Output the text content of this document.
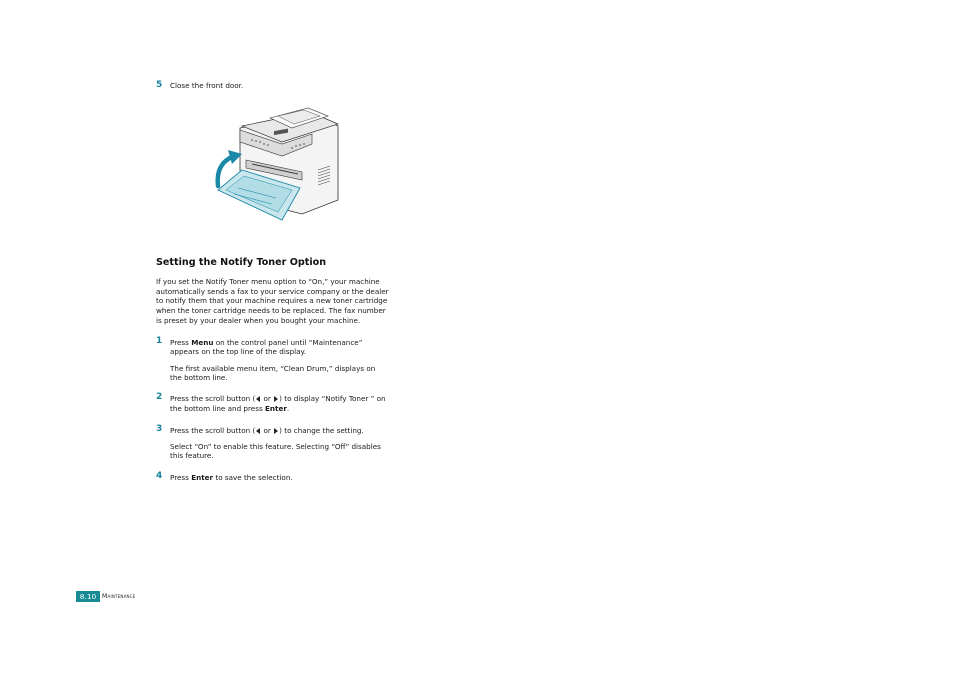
5 Close the front door.
Setting the Notify Toner Option
If you set the Notify Toner menu option to “On,” your machine
automatically sends a fax to your service company or the dealer
to notify them that your machine requires a new toner cartridge
when the toner cartridge needs to be replaced. The fax number
is preset by your dealer when you bought your machine.
1 Press Menu on the control panel until “Maintenance”
appears on the top line of the display.
The first available menu item, “Clean Drum,” displays on
the bottom line.
2 Press the scroll button ( or ) to display “Notify Toner ” on
the bottom line and press Enter.
3 Press the scroll button ( or ) to change the setting.
Select “On” to enable this feature. Selecting “Off” disables
this feature.
4 Press Enter to save the selection.
8.10 Maintenance
